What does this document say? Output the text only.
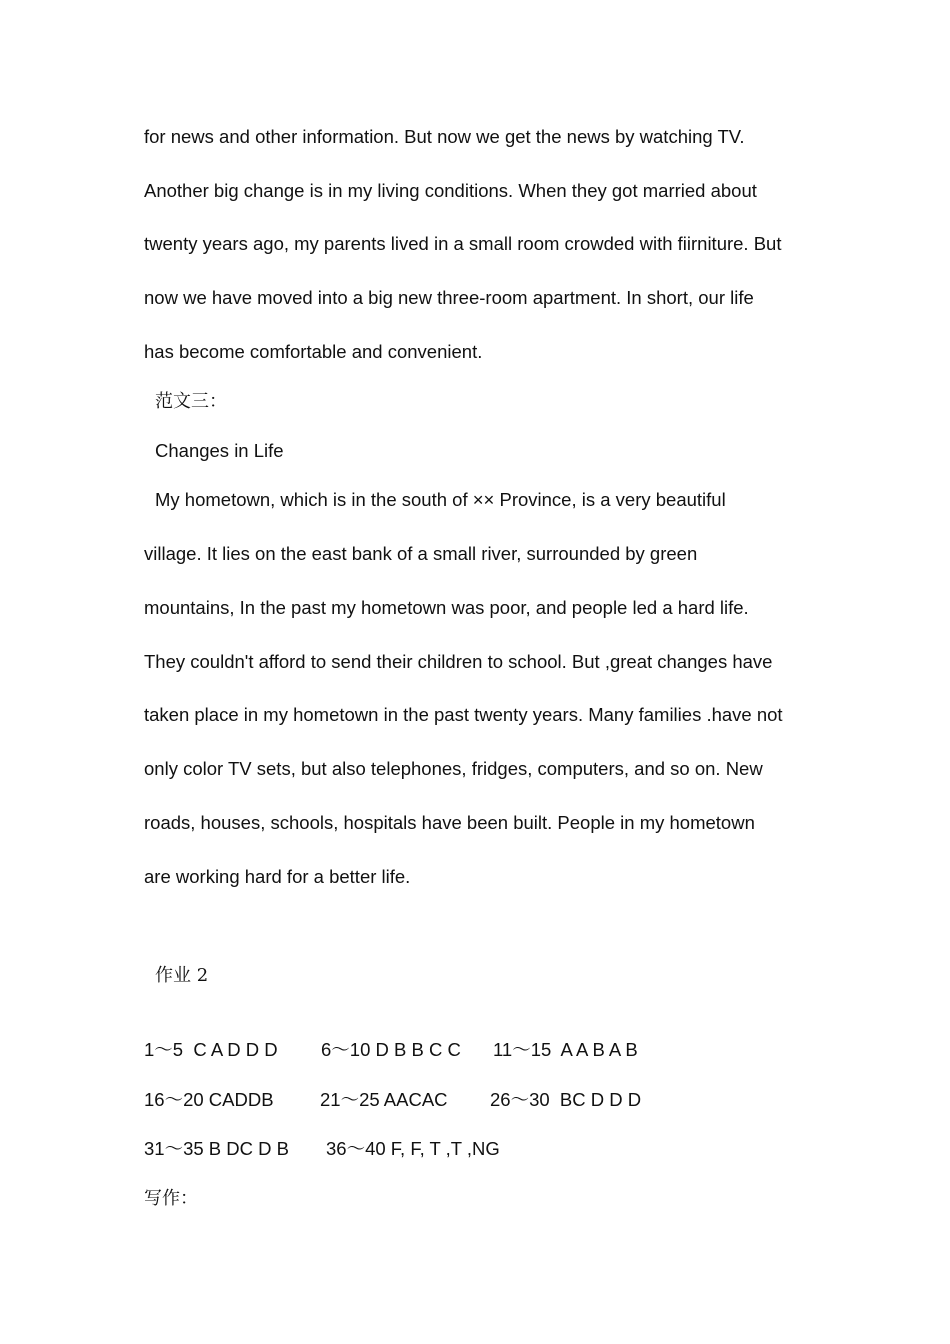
for news and other information. But now we get the news by watching TV.
Another big change is in my living conditions. When they got married about
twenty years ago, my parents lived in a small room crowded with fiirniture. But
now we have moved into a big new three-room apartment. In short, our life
has become comfortable and convenient.
范文三：
Changes in Life
My hometown, which is in the south of ×× Province, is a very beautiful
village. It lies on the east bank of a small river, surrounded by green
mountains, In the past my hometown was poor, and people led a hard life.
They couldn't afford to send their children to school. But ,great changes have
taken place in my hometown in the past twenty years. Many families .have not
only color TV sets, but also telephones, fridges, computers, and so on. New
roads, houses, schools, hospitals have been built. People in my hometown
are working hard for a better life.
作业 2
1～5  C A D D D 6～10 D B B C C 11～15  A A B A B
16～20 CADDB	21～25 AACAC 26～30  BC D D D
31～35 B DC D B 36～40 F, F, T ,T ,NG
写作：
